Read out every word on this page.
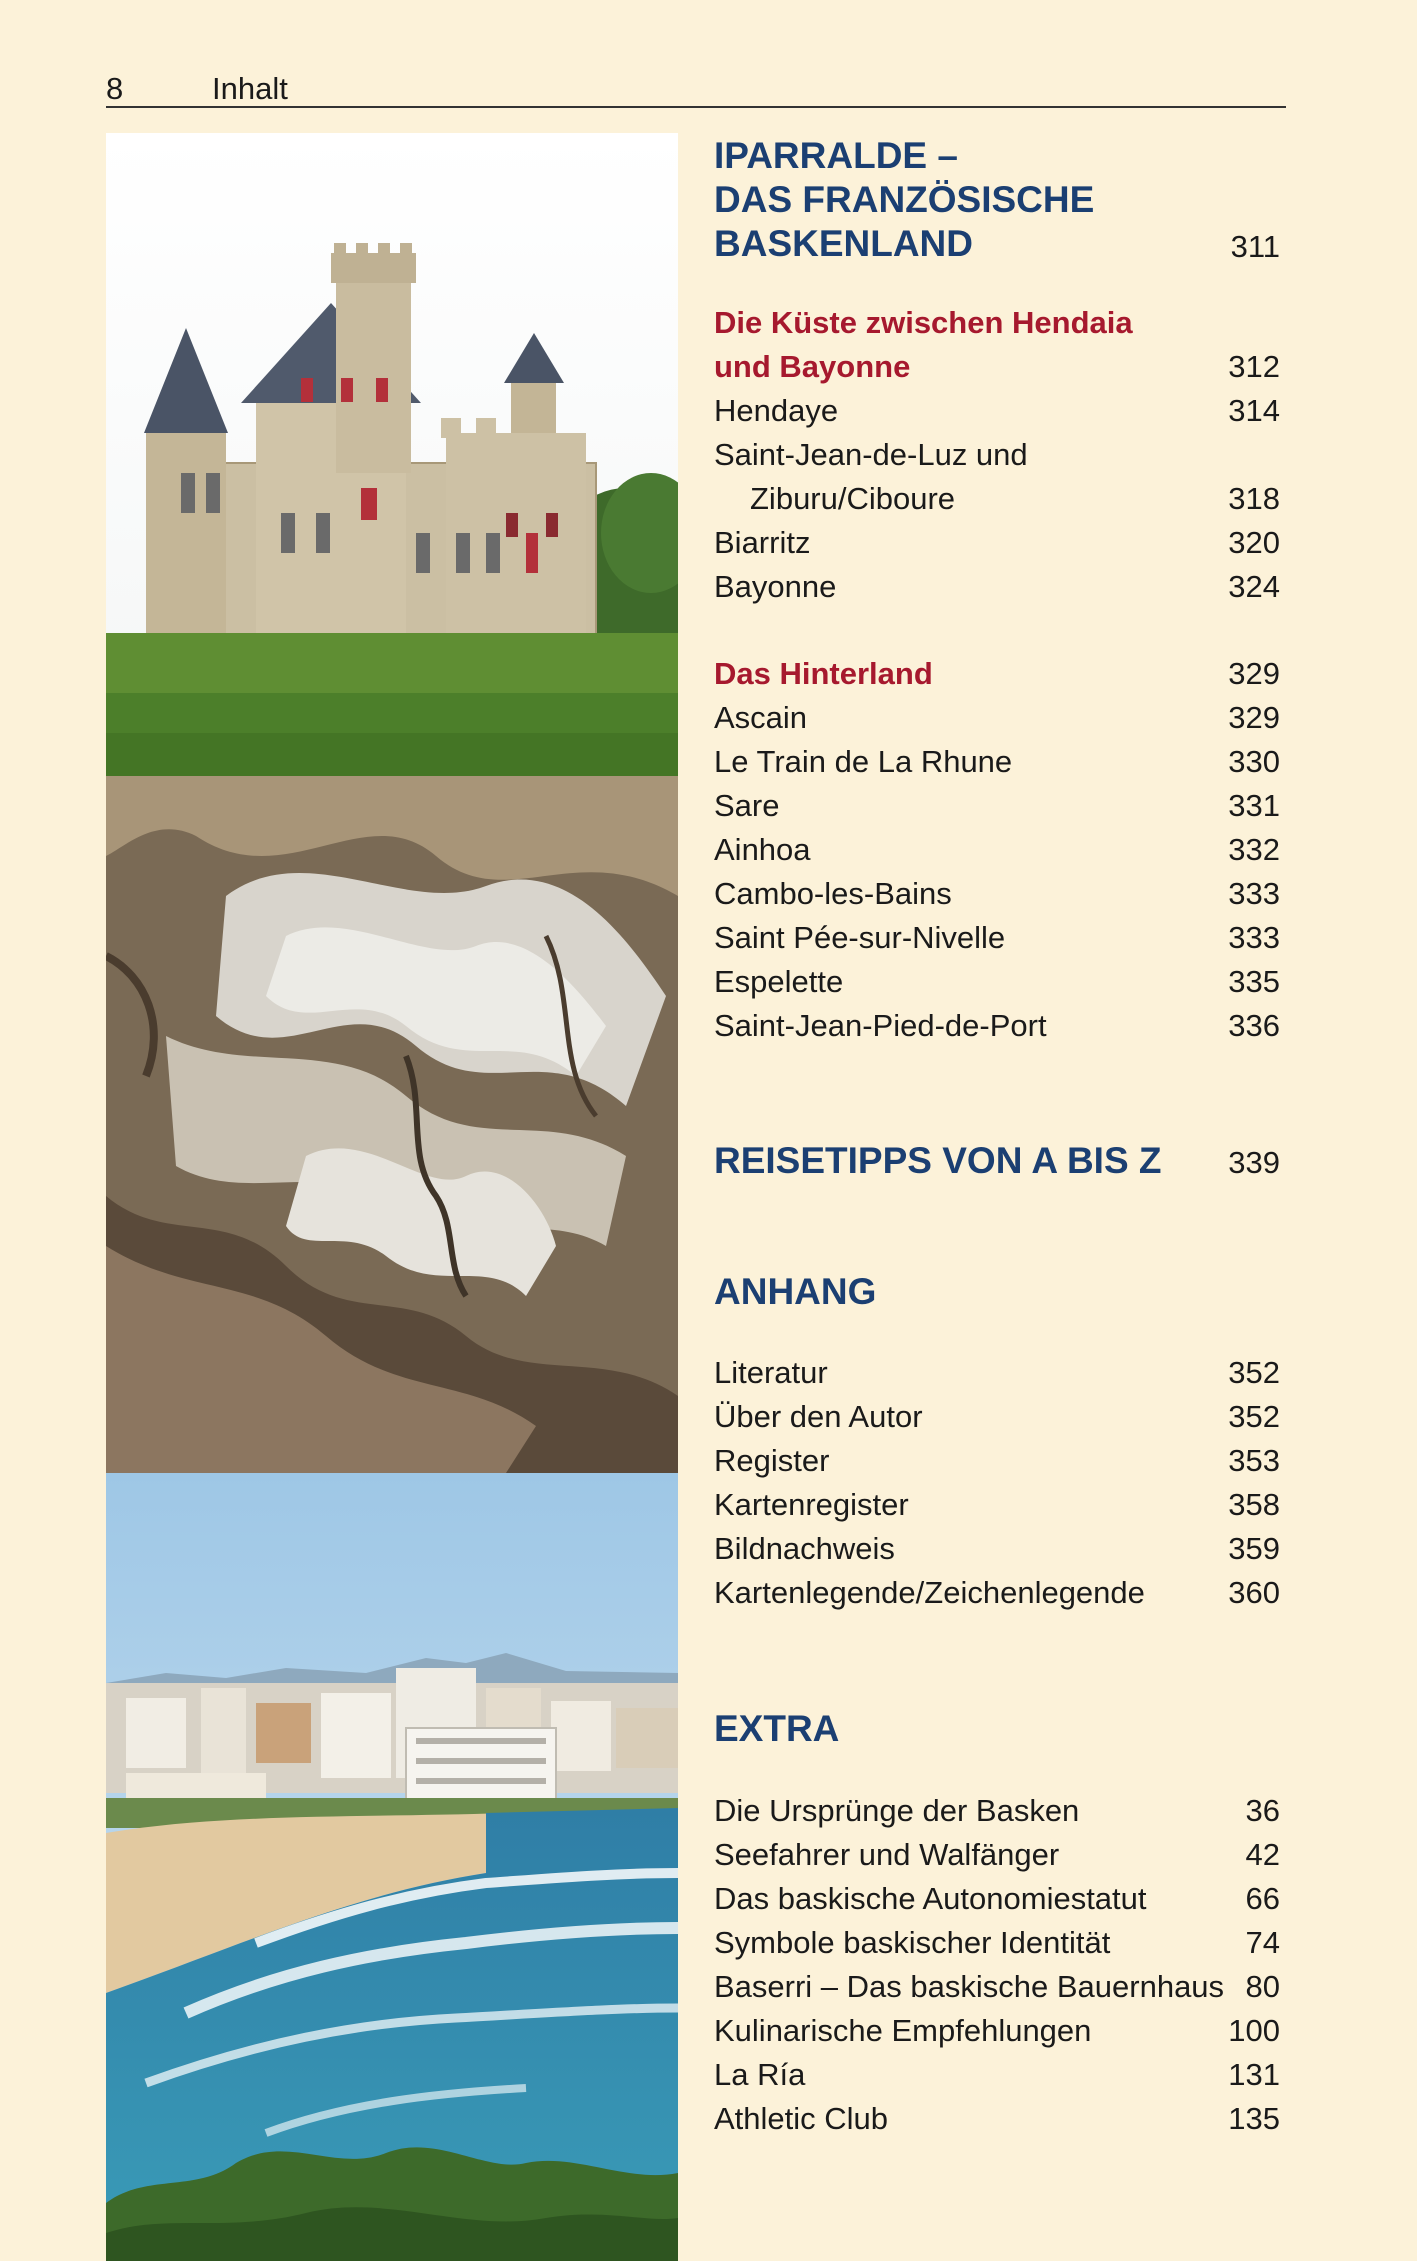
8	Inhalt
IPARRALDE –
DAS FRANZÖSISCHE
BASKENLAND	311
Die Küste zwischen Hendaia
und Bayonne	312
Hendaye	314
Saint-Jean-de-Luz und
Ziburu/Ciboure	318
Biarritz	320
Bayonne	324
Das Hinterland	329
Ascain	329
Le Train de La Rhune	330
Sare	331
Ainhoa	332
Cambo-les-Bains	333
Saint Pée-sur-Nivelle	333
Espelette	335
Saint-Jean-Pied-de-Port	336
REISETIPPS VON A BIS Z 339
ANHANG
Literatur	352
Über den Autor	352
Register	353
Kartenregister	358
Bildnachweis	359
Kartenlegende/Zeichenlegende	360
EXTRA
Die Ursprünge der Basken	36
Seefahrer und Walfänger	42
Das baskische Autonomiestatut	66
Symbole baskischer Identität	74
Baserri – Das baskische Bauernhaus 80
Kulinarische Empfehlungen	100
La Ría	131
Athletic Club	135
